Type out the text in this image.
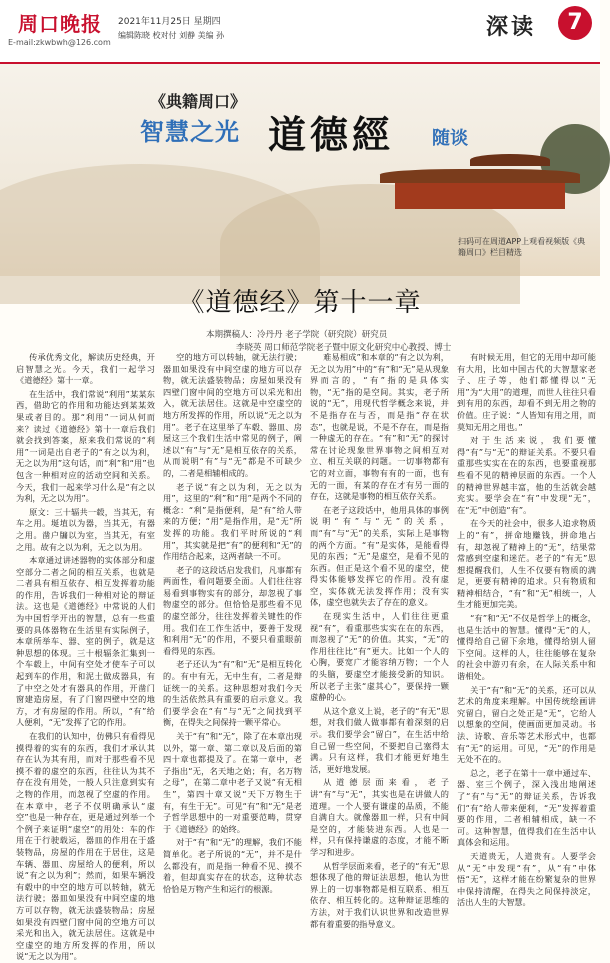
周口晚报
E-mail:zkwbwh@126.com
2021年11月25日 星期四
编辑陈晓 校对付 刘静 美编 孙	深读	7
《典籍周口》
智慧之光 道德經 随谈
扫码可在周道APP上观看视频版《典籍周口》栏目精选
《道德经》第十一章
本期撰稿人：冷丹丹 老子学院（研究院）研究员
李晓英 周口师范学院老子暨中原文化研究中心教授、博士

传承优秀文化，解读历史经典，开启智慧之光。今天，我们一起学习《道德经》第十一章。

在生活中，我们常说“利用”某某东西，借助它的作用和功能达到某某效果或者目的。那“利用”一词从何而来？读过《道德经》第十一章后我们就会找到答案，原来我们常说的“利用”一词是出自老子的“有之以为利，无之以为用”这句话，而“利”和“用”也包含一种相对应的活动空间和关系。今天，我们一起来学习什么是“有之以为利，无之以为用”。

原文：三十辐共一毂，当其无，有车之用。埏埴以为器，当其无，有器之用。凿户牖以为室，当其无，有室之用。故有之以为利，无之以为用。

本章通过讲述器物的实体部分和虚空部分二者之间的相互关系，也就是二者具有相互依存、相互发挥着功能的作用，告诉我们一种相对论的辩证法。这也是《道德经》中常说的人们为中国哲学开出的智慧，总有一些重要的具体器物在生活里有实际例子，本章所举车、器、室的例子，就是这种思想的体现。三十根辐条汇集到一个车毂上，中间有空处才使车子可以起到车的作用，和泥土做成器具，有了中空之处才有器具的作用，开凿门窗建造房屋，有了门窗四壁中空的地方，才有房屋的作用。所以，“有”给人便利，“无”发挥了它的作用。

在我们的认知中，仿佛只有看得见摸得着的实有的东西，我们才承认其存在认为其有用，而对于那些看不见摸不着的虚空的东西，往往认为其不存在没有用处，一般人只注意到实有之物的作用，而忽视了空虚的作用。在本章中，老子不仅明确承认“虚空”也是一种存在，更是通过列举一个个例子来证明“虚空”的用处：车的作用在于行驶载运，器皿的作用在于盛装物品，房屋的作用在于居住，这是车辆、器皿、房屋给人的便利，所以说“有之以为利”；然而，如果车辆没有毂中的中空的地方可以转轴，就无法行驶；器皿如果没有中间空虚的地方可以存物，就无法盛装物品；房屋如果没有四壁门窗中间的空地方可以采光和出入，就无法居住。这就是中空虚空的地方所发挥的作用，所以说“无之以为用”。

空的地方可以转轴，就无法行驶；器皿如果没有中间空虚的地方可以存物，就无法盛装物品；房屋如果没有四壁门窗中间的空地方可以采光和出入，就无法居住。这就是中空虚空的地方所发挥的作用，所以说“无之以为用”。老子在这里举了车毂、器皿、房屋这三个我们生活中常见的例子，阐述以“有”与“无”是相互依存的关系，从而说明“有”与“无”都是不可缺少的，二者是相辅相成的。

老子说“有之以为利，无之以为用”，这里的“利”和“用”是两个不同的概念：“利”是指便利，是“有”给人带来的方便；“用”是指作用，是“无”所发挥的功能。我们平时所说的“利用”，其实就是把“有”的便利和“无”的作用结合起来，这两者缺一不可。

老子的这段话启发我们，凡事都有两面性，看问题要全面。人们往往容易看到事物实有的部分，却忽视了事物虚空的部分。但恰恰是那些看不见的虚空部分，往往发挥着关键性的作用。我们在工作生活中，要善于发现和利用“无”的作用，不要只看重眼前看得见的东西。

老子还认为“有”和“无”是相互转化的。有中有无，无中生有，二者是辩证统一的关系。这种思想对我们今天的生活依然具有重要的启示意义。我们要学会在“有”与“无”之间找到平衡，在得失之间保持一颗平常心。

关于“有”和“无”，除了在本章出现以外，第一章、第二章以及后面的第四十章也都提及了。在第一章中，老子指出“无，名天地之始；有，名万物之母”，在第二章中老子又说“有无相生”，第四十章又说“天下万物生于有，有生于无”。可见“有”和“无”是老子哲学思想中的一对重要范畴，贯穿于《道德经》的始终。

对于“有”和“无”的理解，我们不能简单化。老子所说的“无”，并不是什么都没有，而是指一种看不见、摸不着，但却真实存在的状态，这种状态恰恰是万物产生和运行的根源。

难易相成”和本章的“有之以为利，无之以为用”中的“有”和“无”是从现象界而言的，“有”指的是具体实物，“无”指的是空间。其实，老子所说的“无”，用现代哲学概念来说，并不是指存在与否，而是指“存在状态”，也就是说，不是不存在，而是指一种虚无的存在。“有”和“无”的探讨常在讨论现象世界事物之间相互对立、相互关联的问题。一切事物都有它的对立面，事物有有的一面，也有无的一面，有某的存在才有另一面的存在，这就是事物的相互依存关系。

在老子这段话中，他用具体的事例说明“有”与“无”的关系，而“有”与“无”的关系，实际上是事物的两个方面。“有”是实体，是能看得见的东西；“无”是虚空，是看不见的东西。但正是这个看不见的虚空，使得实体能够发挥它的作用。没有虚空，实体就无法发挥作用；没有实体，虚空也就失去了存在的意义。

在现实生活中，人们往往更重视“有”，看重那些实实在在的东西，而忽视了“无”的价值。其实，“无”的作用往往比“有”更大。比如一个人的心胸，要宽广才能容纳万物；一个人的头脑，要虚空才能接受新的知识。所以老子主张“虚其心”，要保持一颗虚静的心。

从这个意义上说，老子的“有无”思想，对我们做人做事都有着深刻的启示。我们要学会“留白”，在生活中给自己留一些空间，不要把自己塞得太满。只有这样，我们才能更好地生活，更好地发展。

从道德层面来看，老子讲“有”与“无”，其实也是在讲做人的道理。一个人要有谦虚的品质，不能自满自大。就像器皿一样，只有中间是空的，才能装进东西。人也是一样，只有保持谦虚的态度，才能不断学习和进步。

从哲学层面来看，老子的“有无”思想体现了他的辩证法思想，他认为世界上的一切事物都是相互联系、相互依存、相互转化的。这种辩证思维的方法，对于我们认识世界和改造世界都有着重要的指导意义。

有时候无用，但它的无用中却可能有大用，比如中国古代的大智慧家老子、庄子等，他们都懂得以“无用”为“大用”的道理，而世人往往只看到有用的东西，却看不到无用之物的价值。庄子说：“人皆知有用之用，而莫知无用之用也。”

对于生活来说，我们要懂得“有”与“无”的辩证关系。不要只看重那些实实在在的东西，也要重视那些看不见的精神层面的东西。一个人的精神世界越丰富，他的生活就会越充实。要学会在“有”中发现“无”，在“无”中创造“有”。

在今天的社会中，很多人追求物质上的“有”，拼命地赚钱，拼命地占有，却忽视了精神上的“无”，结果常常感到空虚和迷茫。老子的“有无”思想提醒我们，人生不仅要有物质的满足，更要有精神的追求。只有物质和精神相结合，“有”和“无”相统一，人生才能更加完美。

“有”和“无”不仅是哲学上的概念，也是生活中的智慧。懂得“无”的人，懂得给自己留下余地，懂得给别人留下空间。这样的人，往往能够在复杂的社会中游刃有余，在人际关系中和谐相处。

关于“有”和“无”的关系，还可以从艺术的角度来理解。中国传统绘画讲究留白，留白之处正是“无”，它给人以想象的空间，使画面更加灵动。书法、诗歌、音乐等艺术形式中，也都有“无”的运用。可见，“无”的作用是无处不在的。

总之，老子在第十一章中通过车、器、室三个例子，深入浅出地阐述了“有”与“无”的辩证关系，告诉我们“有”给人带来便利，“无”发挥着重要的作用，二者相辅相成，缺一不可。这种智慧，值得我们在生活中认真体会和运用。

天道贵无，人道贵有。人要学会从“无”中发现“有”，从“有”中体悟“无”，这样才能在纷繁复杂的世界中保持清醒，在得失之间保持淡定，活出人生的大智慧。
